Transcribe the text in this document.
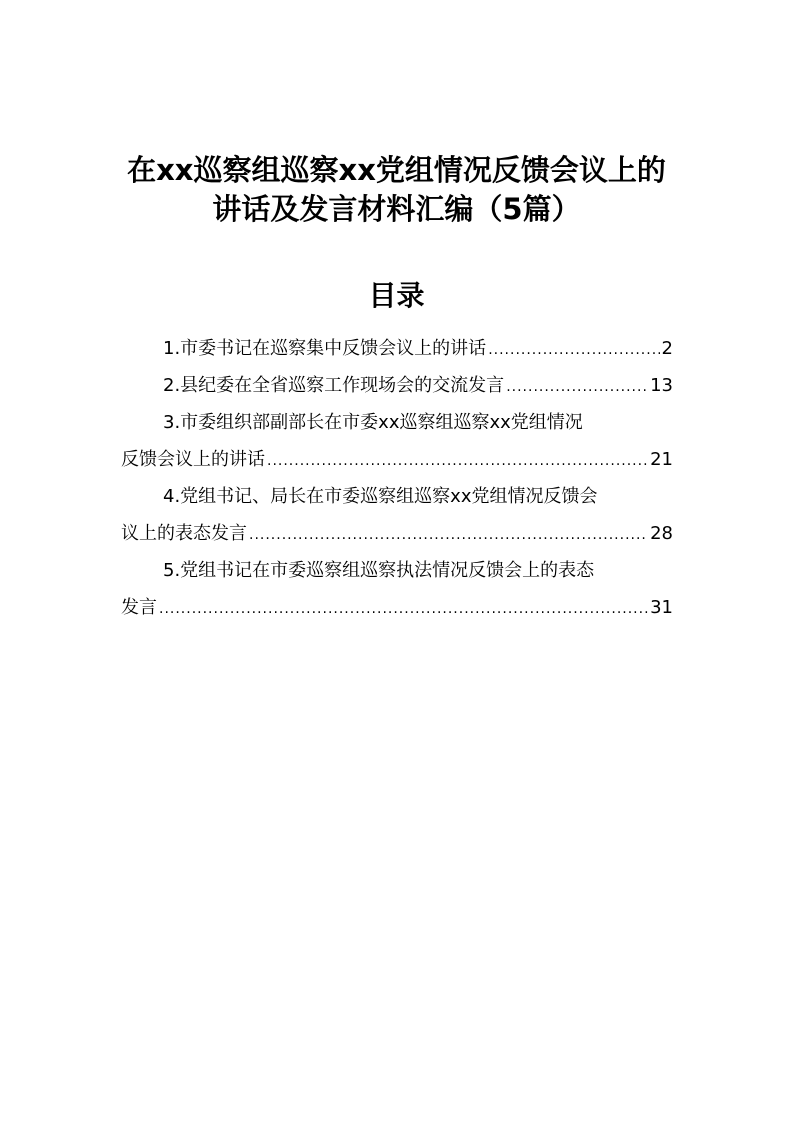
在xx巡察组巡察xx党组情况反馈会议上的
讲话及发言材料汇编（5篇）
目录
1.市委书记在巡察集中反馈会议上的讲话 .....	2
2.县纪委在全省巡察工作现场会的交流发言 .....	13
3.市委组织部副部长在市委xx巡察组巡察xx党组情况
反馈会议上的讲话 .....	21
4.党组书记、局长在市委巡察组巡察xx党组情况反馈会
议上的表态发言 .....	28
5.党组书记在市委巡察组巡察执法情况反馈会上的表态
发言 .....	31
